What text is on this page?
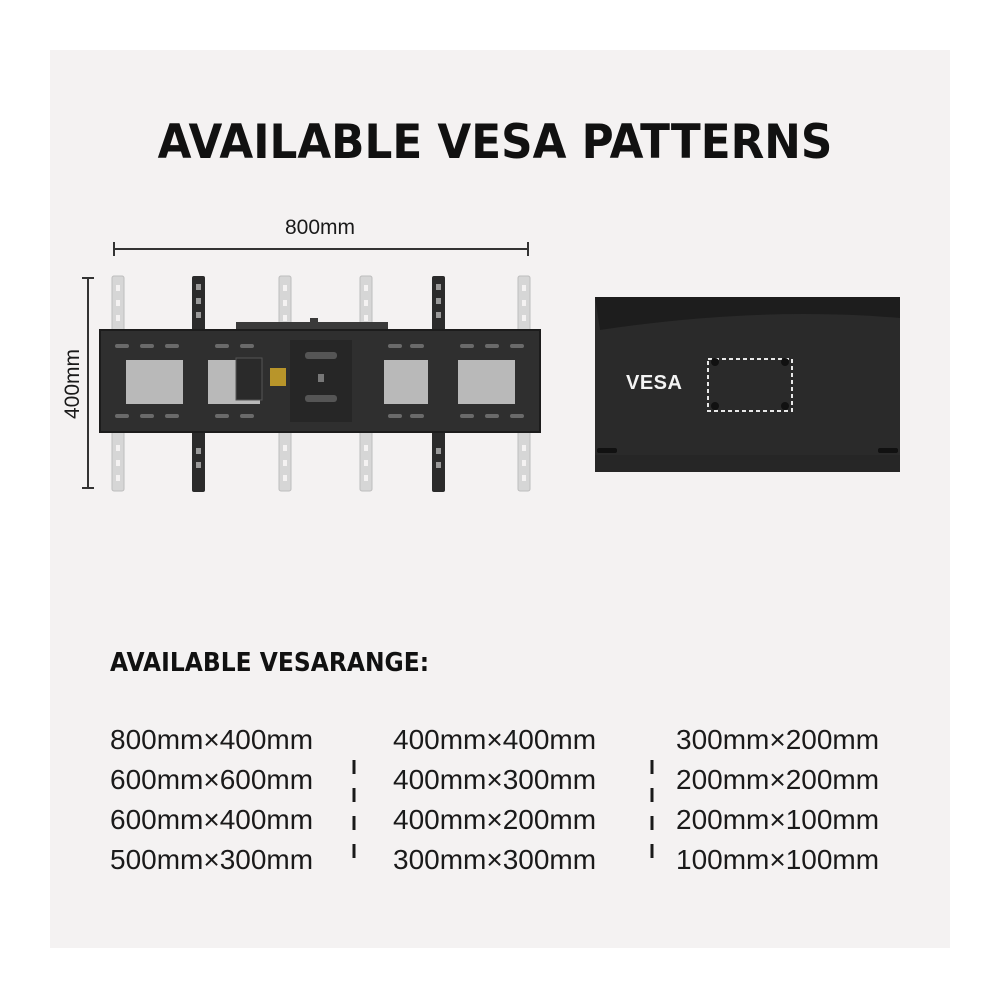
AVAILABLE VESA PATTERNS
800mm
400mm	VESA
AVAILABLE VESARANGE:
800mm×400mm
600mm×600mm
600mm×400mm
500mm×300mm
400mm×400mm
400mm×300mm
400mm×200mm
300mm×300mm
300mm×200mm
200mm×200mm
200mm×100mm
100mm×100mm
